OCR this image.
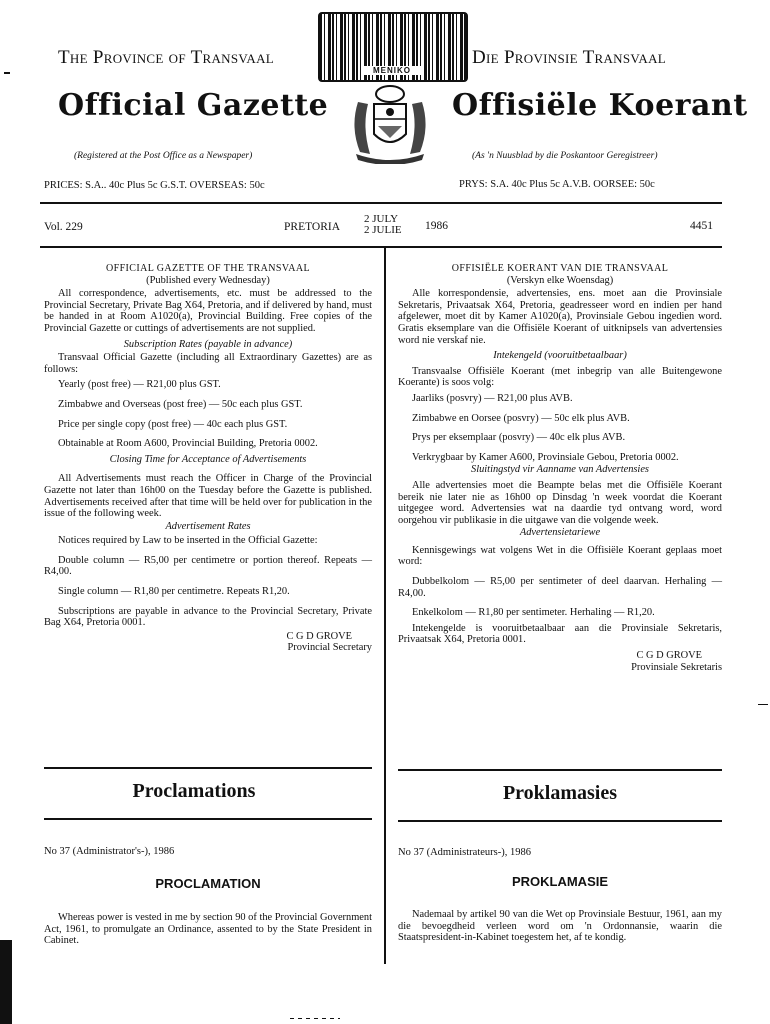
The Province of Transvaal	Die Provinsie Transvaal
MENIKO
Official Gazette	Offisiële Koerant
(Registered at the Post Office as a Newspaper)	(As 'n Nuusblad by die Poskantoor Geregistreer)
PRICES: S.A.. 40c Plus 5c G.S.T. OVERSEAS: 50c	PRYS: S.A. 40c Plus 5c A.V.B. OORSEE: 50c
Vol. 229	PRETORIA
2 JULY
2 JULIE 1986	4451

OFFICIAL GAZETTE OF THE TRANSVAAL

(Published every Wednesday)

All correspondence, advertisements, etc. must be addressed to the Provincial Secretary, Private Bag X64, Pretoria, and if delivered by hand, must be handed in at Room A1020(a), Provincial Building. Free copies of the Provincial Gazette or cuttings of advertisements are not supplied.

Subscription Rates (payable in advance)

Transvaal Official Gazette (including all Extraordinary Gazettes) are as follows:

Yearly (post free) — R21,00 plus GST.

Zimbabwe and Overseas (post free) — 50c each plus GST.

Price per single copy (post free) — 40c each plus GST.

Obtainable at Room A600, Provincial Building, Pretoria 0002.

Closing Time for Acceptance of Advertisements

All Advertisements must reach the Officer in Charge of the Provincial Gazette not later than 16h00 on the Tuesday before the Gazette is published. Advertisements received after that time will be held over for publication in the issue of the following week.

Advertisement Rates

Notices required by Law to be inserted in the Official Gazette:

Double column — R5,00 per centimetre or portion thereof. Repeats — R4,00.

Single column — R1,80 per centimetre. Repeats R1,20.

Subscriptions are payable in advance to the Provincial Secretary, Private Bag X64, Pretoria 0001.

C G D GROVE

Provincial Secretary

OFFISIËLE KOERANT VAN DIE TRANSVAAL

(Verskyn elke Woensdag)

Alle korrespondensie, advertensies, ens. moet aan die Provinsiale Sekretaris, Privaatsak X64, Pretoria, geadresseer word en indien per hand afgelewer, moet dit by Kamer A1020(a), Provinsiale Gebou ingedien word. Gratis eksemplare van die Offisiële Koerant of uitknipsels van advertensies word nie verskaf nie.

Intekengeld (vooruitbetaalbaar)

Transvaalse Offisiële Koerant (met inbegrip van alle Buitengewone Koerante) is soos volg:

Jaarliks (posvry) — R21,00 plus AVB.

Zimbabwe en Oorsee (posvry) — 50c elk plus AVB.

Prys per eksemplaar (posvry) — 40c elk plus AVB.

Verkrygbaar by Kamer A600, Provinsiale Gebou, Pretoria 0002.

Sluitingstyd vir Aanname van Advertensies

Alle advertensies moet die Beampte belas met die Offisiële Koerant bereik nie later nie as 16h00 op Dinsdag 'n week voordat die Koerant uitgegee word. Advertensies wat na daardie tyd ontvang word, word oorgehou vir publikasie in die uitgawe van die volgende week.

Advertensietariewe

Kennisgewings wat volgens Wet in die Offisiële Koerant geplaas moet word:

Dubbelkolom — R5,00 per sentimeter of deel daarvan. Herhaling — R4,00.

Enkelkolom — R1,80 per sentimeter. Herhaling — R1,20.

Intekengelde is vooruitbetaalbaar aan die Provinsiale Sekretaris, Privaatsak X64, Pretoria 0001.

C G D GROVE

Provinsiale Sekretaris

Proclamations	Proklamasies
No 37 (Administrator's-), 1986	No 37 (Administrateurs-), 1986
PROCLAMATION	PROKLAMASIE

Whereas power is vested in me by section 90 of the Provincial Government Act, 1961, to promulgate an Ordinance, assented to by the State President in Cabinet.

Nademaal by artikel 90 van die Wet op Provinsiale Bestuur, 1961, aan my die bevoegdheid verleen word om 'n Ordonnansie, waarin die Staatspresident-in-Kabinet toegestem het, af te kondig.
